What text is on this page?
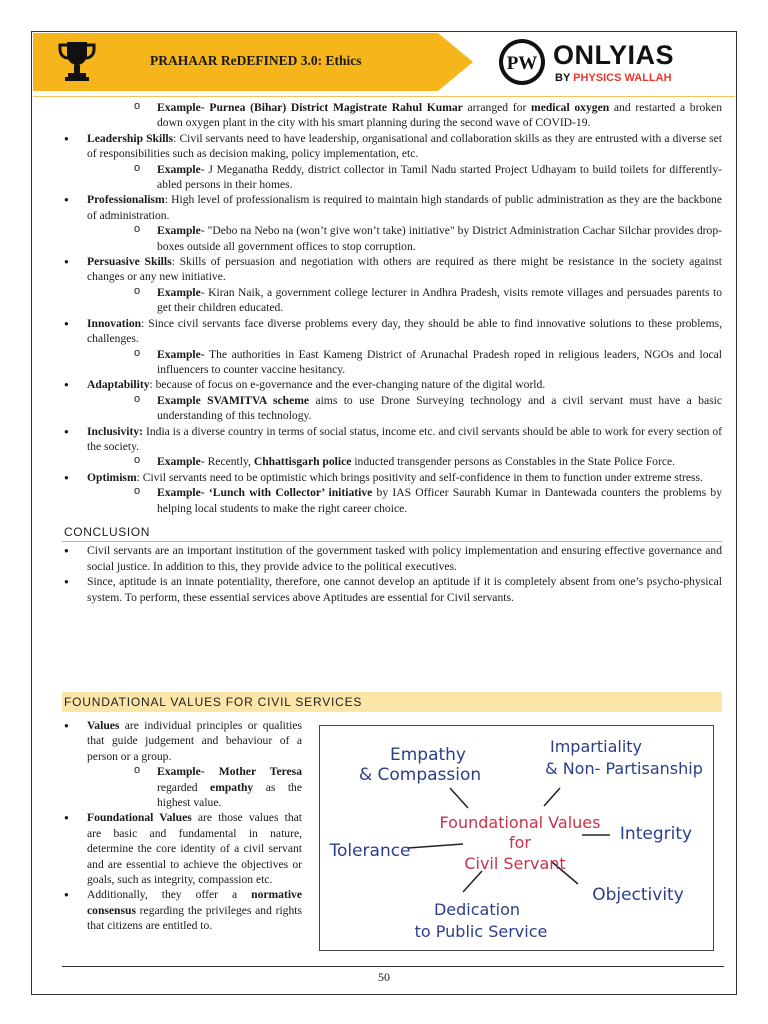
PRAHAAR ReDEFINED 3.0: Ethics	PW ONLYIAS
BY PHYSICS WALLAH
o Example- Purnea (Bihar) District Magistrate Rahul Kumar arranged for medical oxygen and restarted a broken down oxygen plant in the city with his smart planning during the second wave of COVID-19.
● Leadership Skills: Civil servants need to have leadership, organisational and collaboration skills as they are entrusted with a diverse set of responsibilities such as decision making, policy implementation, etc.
o Example- J Meganatha Reddy, district collector in Tamil Nadu started Project Udhayam to build toilets for differently-abled persons in their homes.
● Professionalism: High level of professionalism is required to maintain high standards of public administration as they are the backbone of administration.
o Example- "Debo na Nebo na (won’t give won’t take) initiative" by District Administration Cachar Silchar provides drop-boxes outside all government offices to stop corruption.
● Persuasive Skills: Skills of persuasion and negotiation with others are required as there might be resistance in the society against changes or any new initiative.
o Example- Kiran Naik, a government college lecturer in Andhra Pradesh, visits remote villages and persuades parents to get their children educated.
● Innovation: Since civil servants face diverse problems every day, they should be able to find innovative solutions to these problems, challenges.
o Example- The authorities in East Kameng District of Arunachal Pradesh roped in religious leaders, NGOs and local influencers to counter vaccine hesitancy.
● Adaptability: because of focus on e-governance and the ever-changing nature of the digital world.
o Example SVAMITVA scheme aims to use Drone Surveying technology and a civil servant must have a basic understanding of this technology.
● Inclusivity: India is a diverse country in terms of social status, income etc. and civil servants should be able to work for every section of the society.
o Example- Recently, Chhattisgarh police inducted transgender persons as Constables in the State Police Force.
● Optimism: Civil servants need to be optimistic which brings positivity and self-confidence in them to function under extreme stress.
o Example- ‘Lunch with Collector’ initiative by IAS Officer Saurabh Kumar in Dantewada counters the problems by helping local students to make the right career choice.
CONCLUSION
● Civil servants are an important institution of the government tasked with policy implementation and ensuring effective governance and social justice. In addition to this, they provide advice to the political executives.
● Since, aptitude is an innate potentiality, therefore, one cannot develop an aptitude if it is completely absent from one’s psycho-physical system. To perform, these essential services above Aptitudes are essential for Civil servants.
FOUNDATIONAL VALUES FOR CIVIL SERVICES
● Values are individual principles or qualities that guide judgement and behaviour of a person or a group.
o Example- Mother Teresa regarded empathy as the highest value.
● Foundational Values are those values that are basic and fundamental in nature, determine the core identity of a civil servant and are essential to achieve the objectives or goals, such as integrity, compassion etc.
● Additionally, they offer a normative consensus regarding the privileges and rights that citizens are entitled to.
Foundational Values
for
Civil Servant
Empathy
& Compassion
Impartiality
& Non- Partisanship
Integrity
Tolerance
Objectivity
Dedication
to Public Service
50
